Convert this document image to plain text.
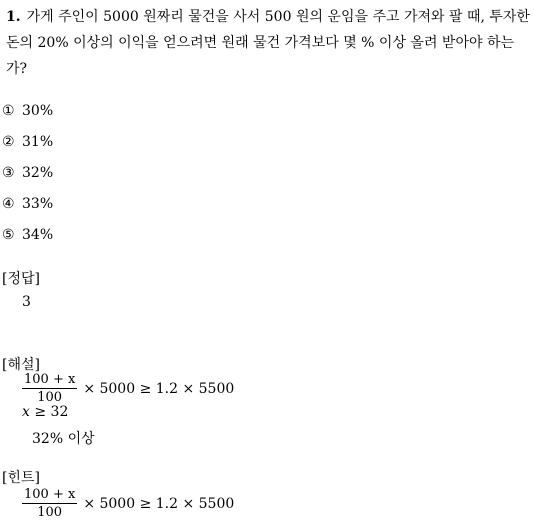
1. 가게 주인이 5000 원짜리 물건을 사서 500 원의 운임을 주고 가져와 팔 때, 투자한 돈의 20% 이상의 이익을 얻으려면 원래 물건 가격보다 몇 % 이상 올려 받아야 하는가?
① 30%
② 31%
③ 32%
④ 33%
⑤ 34%
[정답]
3
[해설]
$\frac{100 + x}{100} \times 5000 \ge 1.2 \times 5500$
x ≥ 32
32% 이상
[힌트]
$\frac{100 + x}{100} \times 5000 \ge 1.2 \times 5500$
